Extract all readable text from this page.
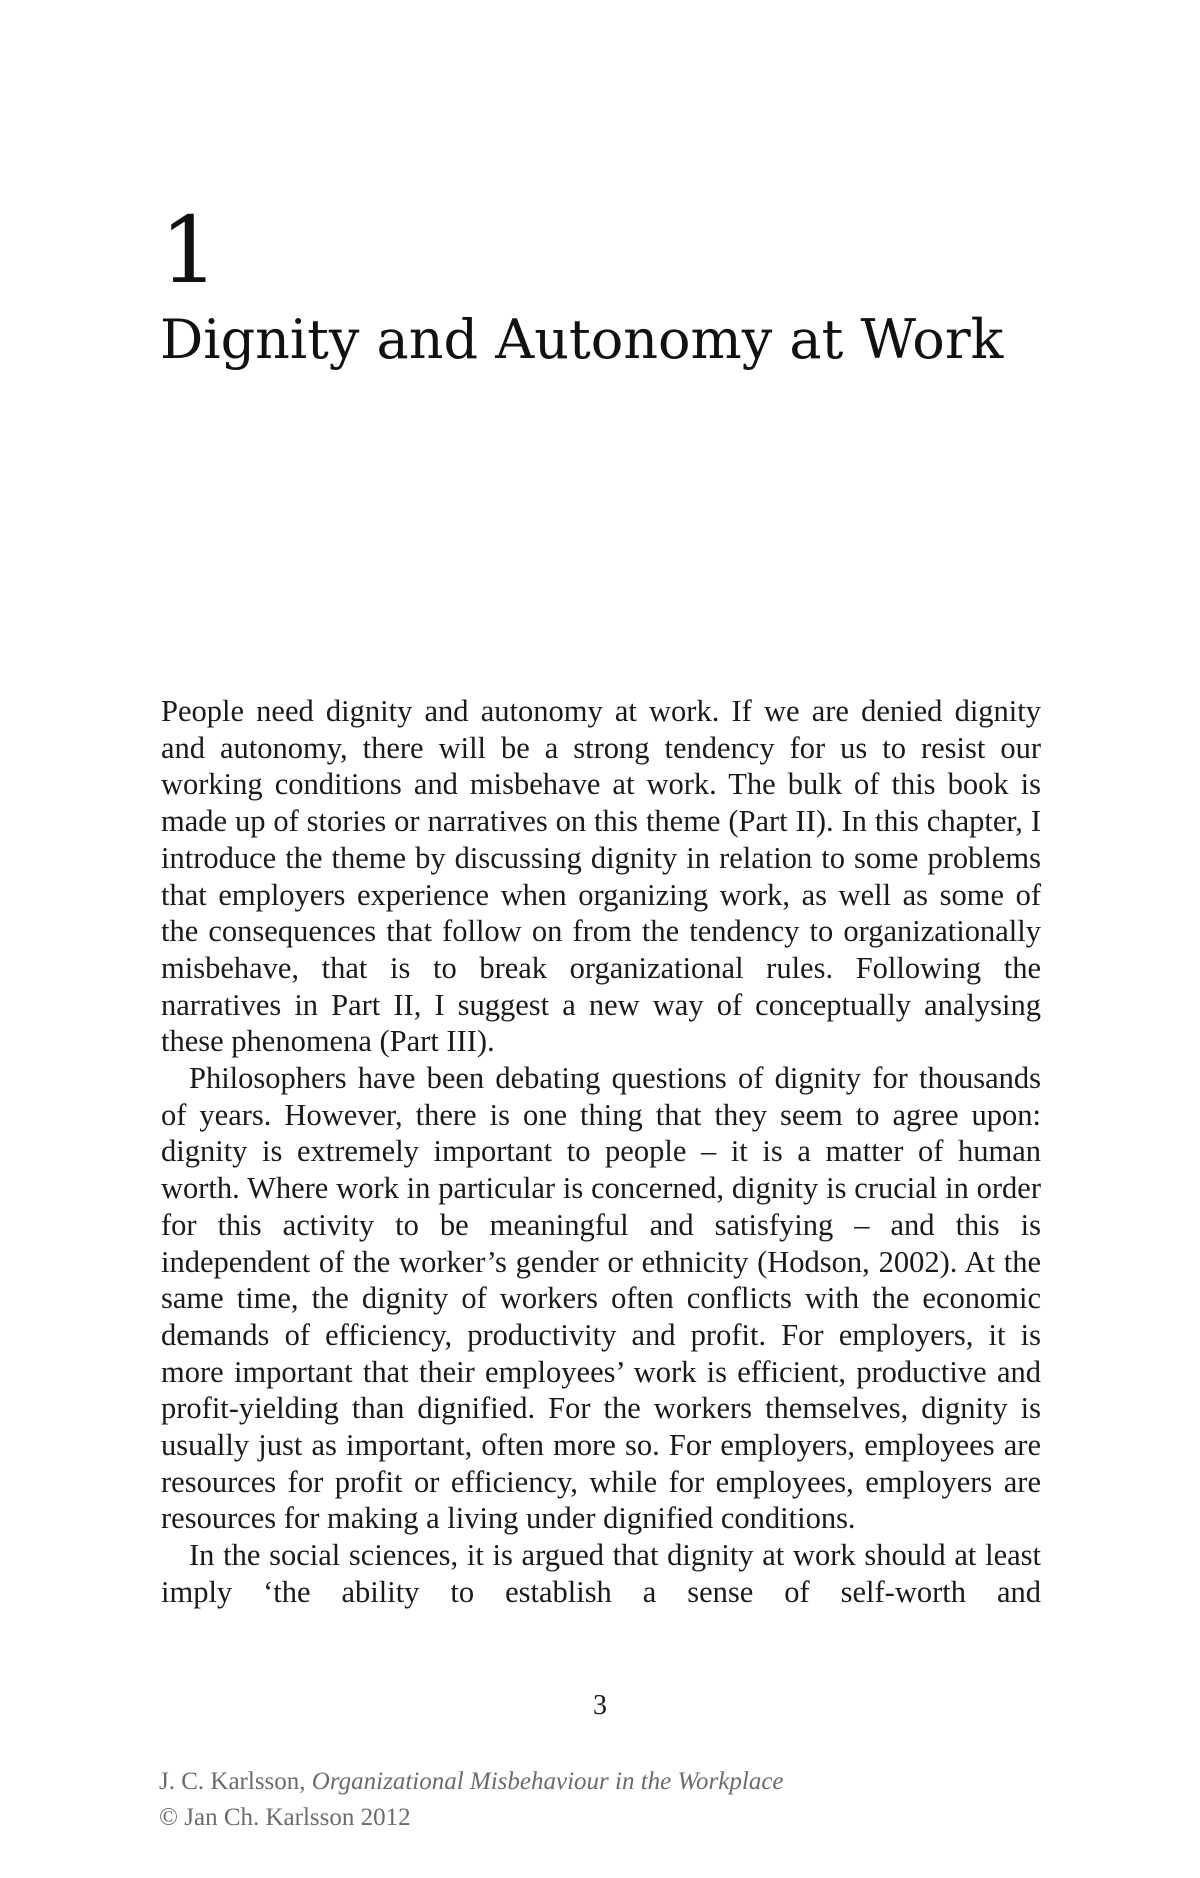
1
Dignity and Autonomy at Work

People need dignity and autonomy at work. If we are denied dignity and autonomy, there will be a strong tendency for us to resist our working conditions and misbehave at work. The bulk of this book is made up of stories or narratives on this theme (Part II). In this chapter, I introduce the theme by discussing dignity in relation to some problems that employers experience when organizing work, as well as some of the consequences that follow on from the tendency to organizationally misbehave, that is to break organizational rules. Following the narratives in Part II, I suggest a new way of conceptually analysing these phenomena (Part III).

Philosophers have been debating questions of dignity for thousands of years. However, there is one thing that they seem to agree upon: dignity is extremely important to people – it is a matter of human worth. Where work in particular is concerned, dignity is crucial in order for this activity to be meaningful and satisfying – and this is independent of the worker’s gender or ethnicity (Hodson, 2002). At the same time, the dignity of workers often conflicts with the economic demands of efficiency, productivity and profit. For employers, it is more important that their employees’ work is efficient, productive and profit-yielding than dignified. For the workers themselves, dignity is usually just as important, often more so. For employers, employees are resources for profit or efficiency, while for employees, employers are resources for making a living under dignified conditions.

In the social sciences, it is argued that dignity at work should at least imply ‘the ability to establish a sense of self-worth and

3
J. C. Karlsson, Organizational Misbehaviour in the Workplace
© Jan Ch. Karlsson 2012
